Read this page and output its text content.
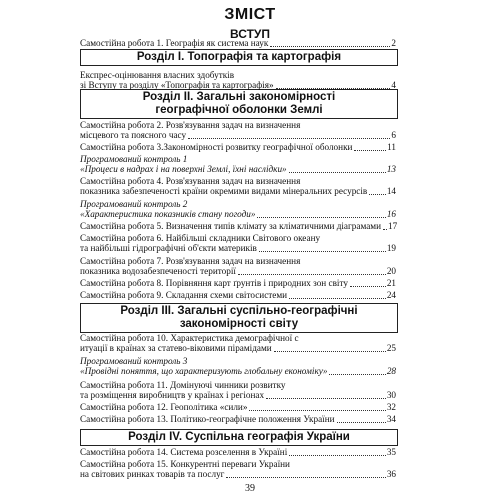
ЗМІСТ
ВСТУП
Розділ І. Топографія та картографія
Розділ ІІ. Загальні закономірності
географічної оболонки Землі
Розділ ІІІ. Загальні суспільно-географічні
закономірності світу
Розділ IV. Суспільна географія України
Самостійна робота 1. Географія як система наук	2
Експрес-оцінювання власних здобутків
зі Вступу та розділу «Топографія та картографія»	4
Самостійна робота 2. Розв'язування задач на визначення
місцевого та поясного часу	6
Самостійна робота 3.Закономірності розвитку географічної оболонки	11
Програмований контроль 1
«Процеси в надрах і на поверхні Землі, їхні наслідки»	13
Самостійна робота 4. Розв'язування задач на визначення
показника забезпеченості країни окремими видами мінеральних ресурсів 14
Програмований контроль 2
«Характеристика показників стану погоди»	16
Самостійна робота 5. Визначення типів клімату за кліматичними діаграмами 17
Самостійна робота 6. Найбільші складники Світового океану
та найбільші гідрографічні об'єкти материків	19
Самостійна робота 7. Розв'язування задач на визначення
показника водозабезпеченості території	20
Самостійна робота 8. Порівняння карт ґрунтів і природних зон світу	21
Самостійна робота 9. Складання схеми світосистеми	24
Самостійна робота 10. Характеристика демографічної с
итуації в країнах за статево-віковими пірамідами	25
Програмований контроль 3
«Провідні поняття, що характеризують глобальну економіку»	28
Самостійна робота 11. Домінуючі чинники розвитку
та розміщення виробництв у країнах і регіонах	30
Самостійна робота 12. Геополітика «сили»	32
Самостійна робота 13. Політико-географічне положення України	34
Самостійна робота 14. Система розселення в Україні	35
Самостійна робота 15. Конкурентні переваги України
на світових ринках товарів та послуг	36
39
